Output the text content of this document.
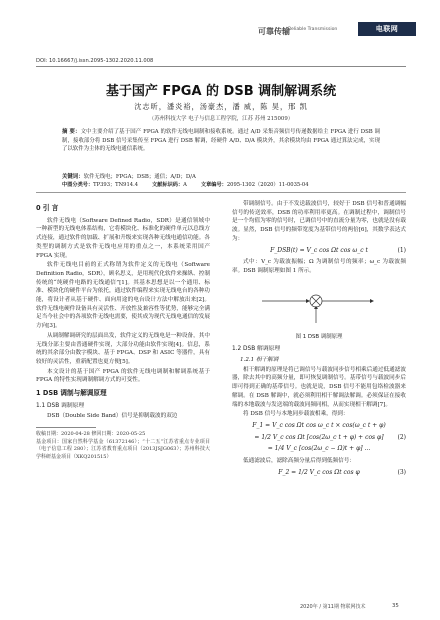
可靠传输
Reliable Transmission	电联网
DOI: 10.16667/j.issn.2095-1302.2020.11.008
基于国产 FPGA 的 DSB 调制解调系统
沈志昕，潘炎裕，汤豪杰，潘 威，陈 昊，邢 凯
（苏州科技大学 电子与信息工程学院，江苏 苏州 215009）
摘 要：文中主要介绍了基于国产 FPGA 的软件无线电调制和接收系统。通过 A/D 采集音频信号传递数据给主 FPGA 进行 DSB 调制，接收部分将 DSB 信号采集传至 FPGA 进行 DSB 解调，经硬件 A/D、D/A 模块外，其余模块均由 FPGA 通过算法完成，实现了以软件为主体的无线电通信系统。
关键词：软件无线电；FPGA；DSB；通信；A/D；D/A
中图分类号：TP393；TN914.4	文献标识码：A	文章编号：2095-1302（2020）11-0035-04
0 引 言

软件无线电（Software Defined Radio，SDR）是通信领域中一种新型的无线电体系结构，它将模块化、标准化的硬件单元以总线方式连接，通过软件的加载、扩展和升级来实现各种无线电通信功能。各类型的调制方式是软件无线电应用的重点之一，本系统采用国产 FPGA 实现。

软件无线电目前的正式称谓为软件定义的无线电（Software Definition Radio，SDR），顾名思义，是用现代化软件来操纵、控制传统的“纯硬件电路的无线通信”[1]。其基本思想是以一个通用、标准、模块化的硬件平台为依托，通过软件编程来实现无线电台的各种功能，将设计者从基于硬件、面向用途的电台设计方法中解放出来[2]。软件无线电硬件设备具有灵活性、开放性及兼容性等优势，能够完全满足当今社会中的各项软件无线电需要，使其成为现代无线电通信的发展方向[3]。

从调制解调研究的层面出发，软件定义的无线电是一种设备，其中无线分部主要由普通硬件实现，大部分功能由软件实现[4]。信息，系统的其余部分由数字模块、基于 FPGA、DSP 和 ASIC 等器件，具有较好的灵活性，重新配置也更方便[5]。

本文设计的基于国产 FPGA 的软件无线电调制和解调系统基于 FPGA 的特性实现调制解调方式的可变性。

1 DSB 调制与解调原理
1.1 DSB 调制原理

DSB（Double Side Band）信号是抑制载波的双边

收稿日期：2020-04-28 修回日期：2020-05-25

基金项目：国家自然科学基金（61372146）；“十二五”江苏省重点专业项目（电子信息工程 280）；江苏省教育重点项目（2013JSJG063）；苏州科技大学科研基金项目（XKQ201515）

带调制信号。由于不发送载波信号，较好于 DSB 信号和普通调幅信号的传送效率，DSB 的功率利用率更高。在调制过程中，调制信号是一个均值为零的信号时，已调信号中的直流分量为零，也就是没有载波。显然，DSB 信号的频带宽度为基带信号的两倍[6]，其数学表达式为：

F_DSB(t) = V_c cos Ωt cos ω_c t	(1)

式中：V_c 为载波振幅；Ω 为调制信号的频率；ω_c 为载波频率。DSB 调制原理如图 1 所示。

图 1 DSB 调制原理
1.2 DSB 解调原理
1.2.1 相干解调

相干解调的原理是将已调信号与载波同步信号相乘后通过低通滤波器，除去其中的高频分量，即可恢复调制信号。基带信号与载波同步后即可得到正确的基带信号。也就是说，DSB 信号不能用包络检波器来解调。在 DSB 解调中，就必须利用相干解调法解调。必须保证在接收端的本地载波与发送端的载波同频同相，从而实现相干解调[7]。

将 DSB 信号与本地同步载波相乘，得到：

F_1 = V_c cos Ωt cos ω_c t × cos(ω_c t + φ)
= 1/2 V_c cos Ωt [cos(2ω_c t + φ) + cos φ] (2)
= 1/4 V_c [cos(2ω_c − Ω)t + φ] ...

低通滤波后，滤除高频分量后得到低频信号：

F_2 = 1/2 V_c cos Ωt cos φ	(3)
2020年 / 第11期 物联网技术	35
